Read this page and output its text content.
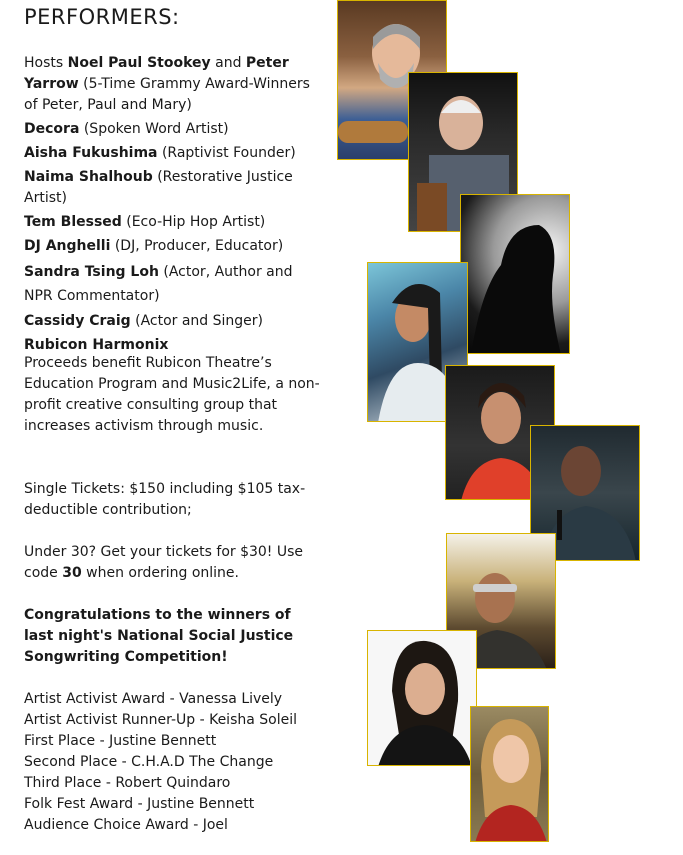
PERFORMERS:

Hosts Noel Paul Stookey and Peter Yarrow (5-Time Grammy Award-Winners of Peter, Paul and Mary)

Decora (Spoken Word Artist)

Aisha Fukushima (Raptivist Founder)

Naima Shalhoub (Restorative Justice Artist)

Tem Blessed (Eco-Hip Hop Artist)

DJ Anghelli (DJ, Producer, Educator)

Sandra Tsing Loh (Actor, Author and NPR Commentator)

Cassidy Craig (Actor and Singer)

Rubicon Harmonix

Proceeds benefit Rubicon Theatre’s Education Program and Music2Life, a non-profit creative consulting group that increases activism through music.

Single Tickets: $150 including $105 tax-deductible contribution;

Under 30? Get your tickets for $30! Use code 30 when ordering online.

Congratulations to the winners of last night's National Social Justice Songwriting Competition!

Artist Activist Award - Vanessa Lively
Artist Activist Runner-Up - Keisha Soleil
First Place - Justine Bennett
Second Place - C.H.A.D The Change
Third Place - Robert Quindaro
Folk Fest Award - Justine Bennett
Audience Choice Award - Joel
